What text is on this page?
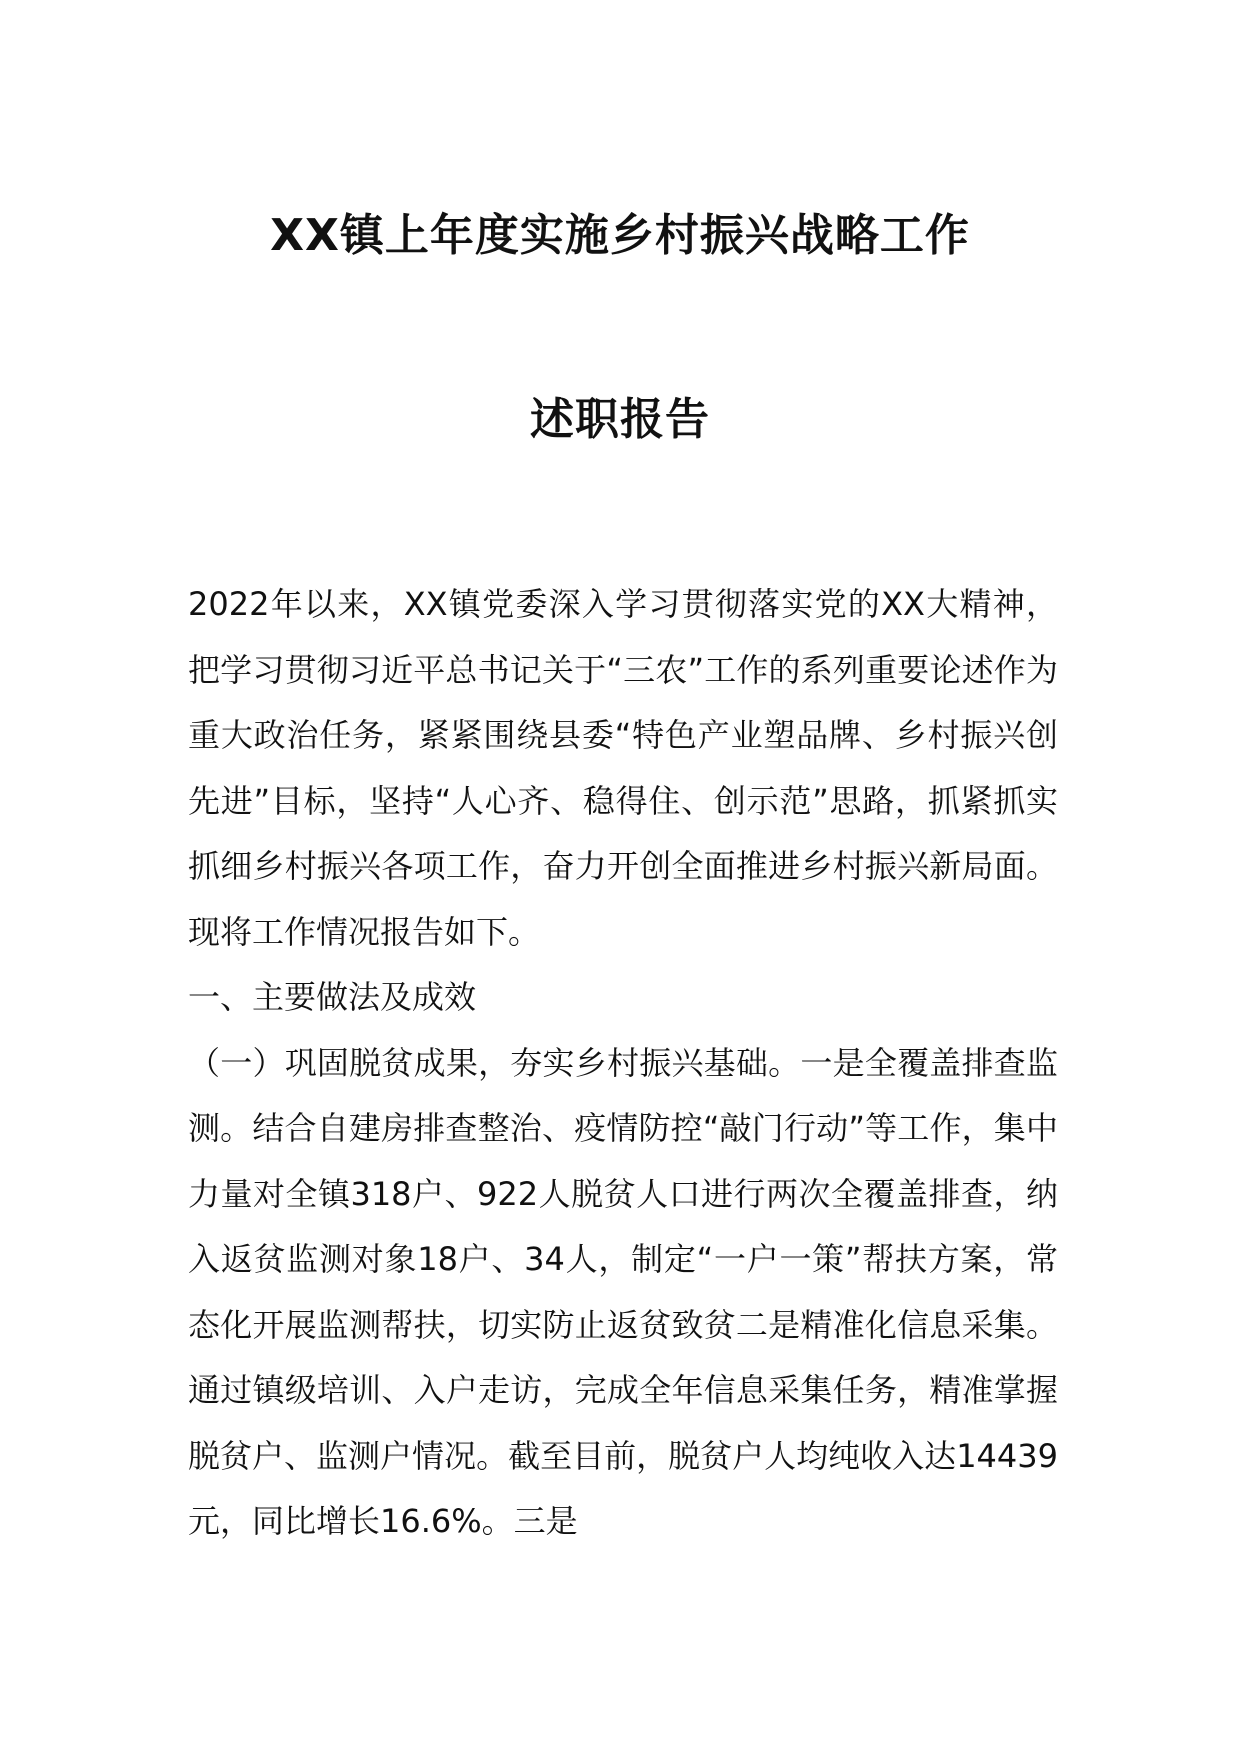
XX镇上年度实施乡村振兴战略工作
述职报告

2022年以来，XX镇党委深入学习贯彻落实党的XX大精神，把学习贯彻习近平总书记关于“三农”工作的系列重要论述作为重大政治任务，紧紧围绕县委“特色产业塑品牌、乡村振兴创先进”目标，坚持“人心齐、稳得住、创示范”思路，抓紧抓实抓细乡村振兴各项工作，奋力开创全面推进乡村振兴新局面。现将工作情况报告如下。

一、主要做法及成效

（一）巩固脱贫成果，夯实乡村振兴基础。一是全覆盖排查监测。结合自建房排查整治、疫情防控“敲门行动”等工作，集中力量对全镇318户、922人脱贫人口进行两次全覆盖排查，纳入返贫监测对象18户、34人，制定“一户一策”帮扶方案，常态化开展监测帮扶，切实防止返贫致贫二是精准化信息采集。通过镇级培训、入户走访，完成全年信息采集任务，精准掌握脱贫户、监测户情况。截至目前，脱贫户人均纯收入达14439元，同比增长16.6%。三是
